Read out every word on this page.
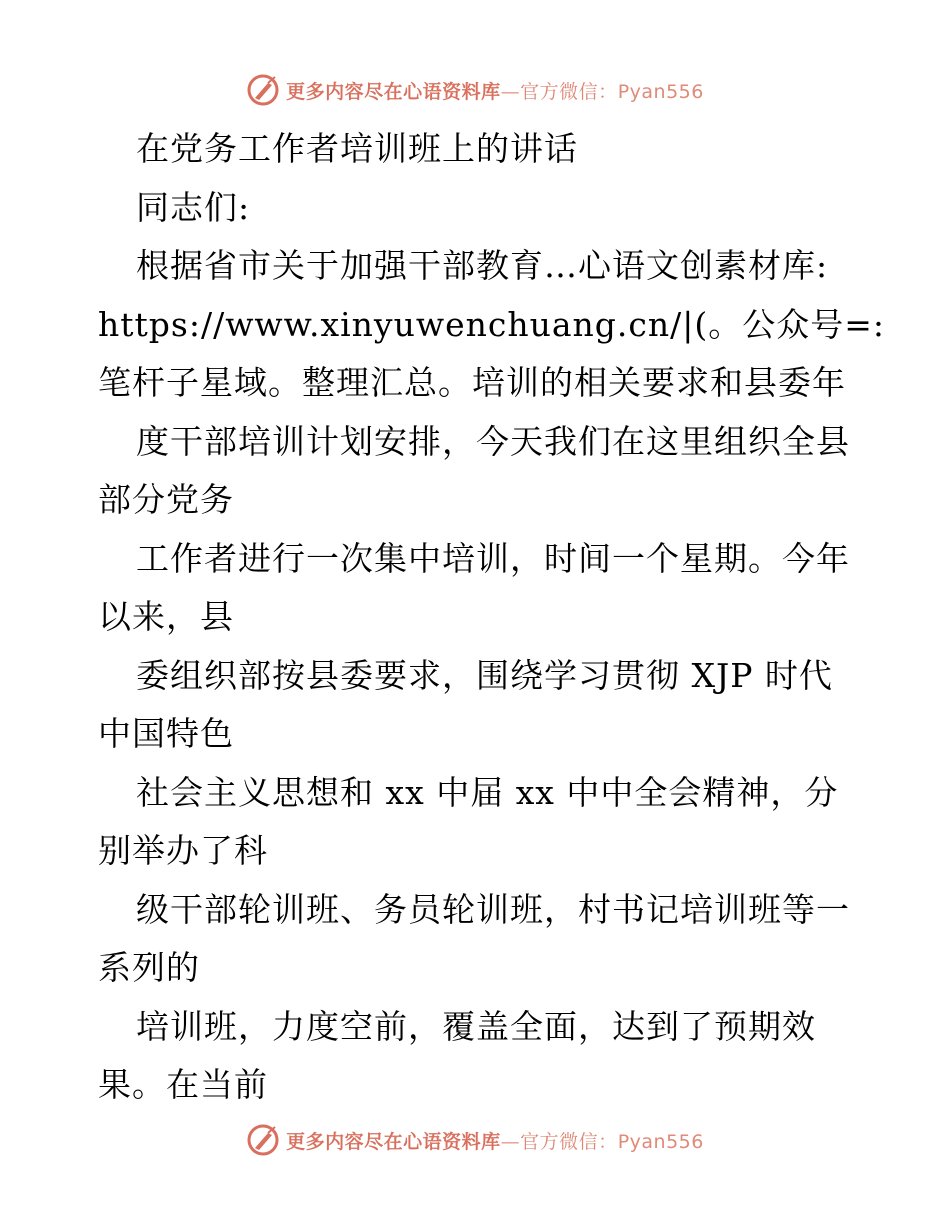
更多内容尽在心语资料库—官方微信：Pyan556
在党务工作者培训班上的讲话
同志们:
根据省市关于加强干部教育…心语文创素材库:
https://www.xinyuwenchuang.cn/|(。公众号=:
笔杆子星域。整理汇总。培训的相关要求和县委年
度干部培训计划安排，今天我们在这里组织全县
部分党务
工作者进行一次集中培训，时间一个星期。今年
以来，县
委组织部按县委要求，围绕学习贯彻 XJP 时代
中国特色
社会主义思想和 xx 中届 xx 中中全会精神，分
别举办了科
级干部轮训班、务员轮训班，村书记培训班等一
系列的
培训班，力度空前，覆盖全面，达到了预期效
果。在当前
更多内容尽在心语资料库—官方微信：Pyan556
